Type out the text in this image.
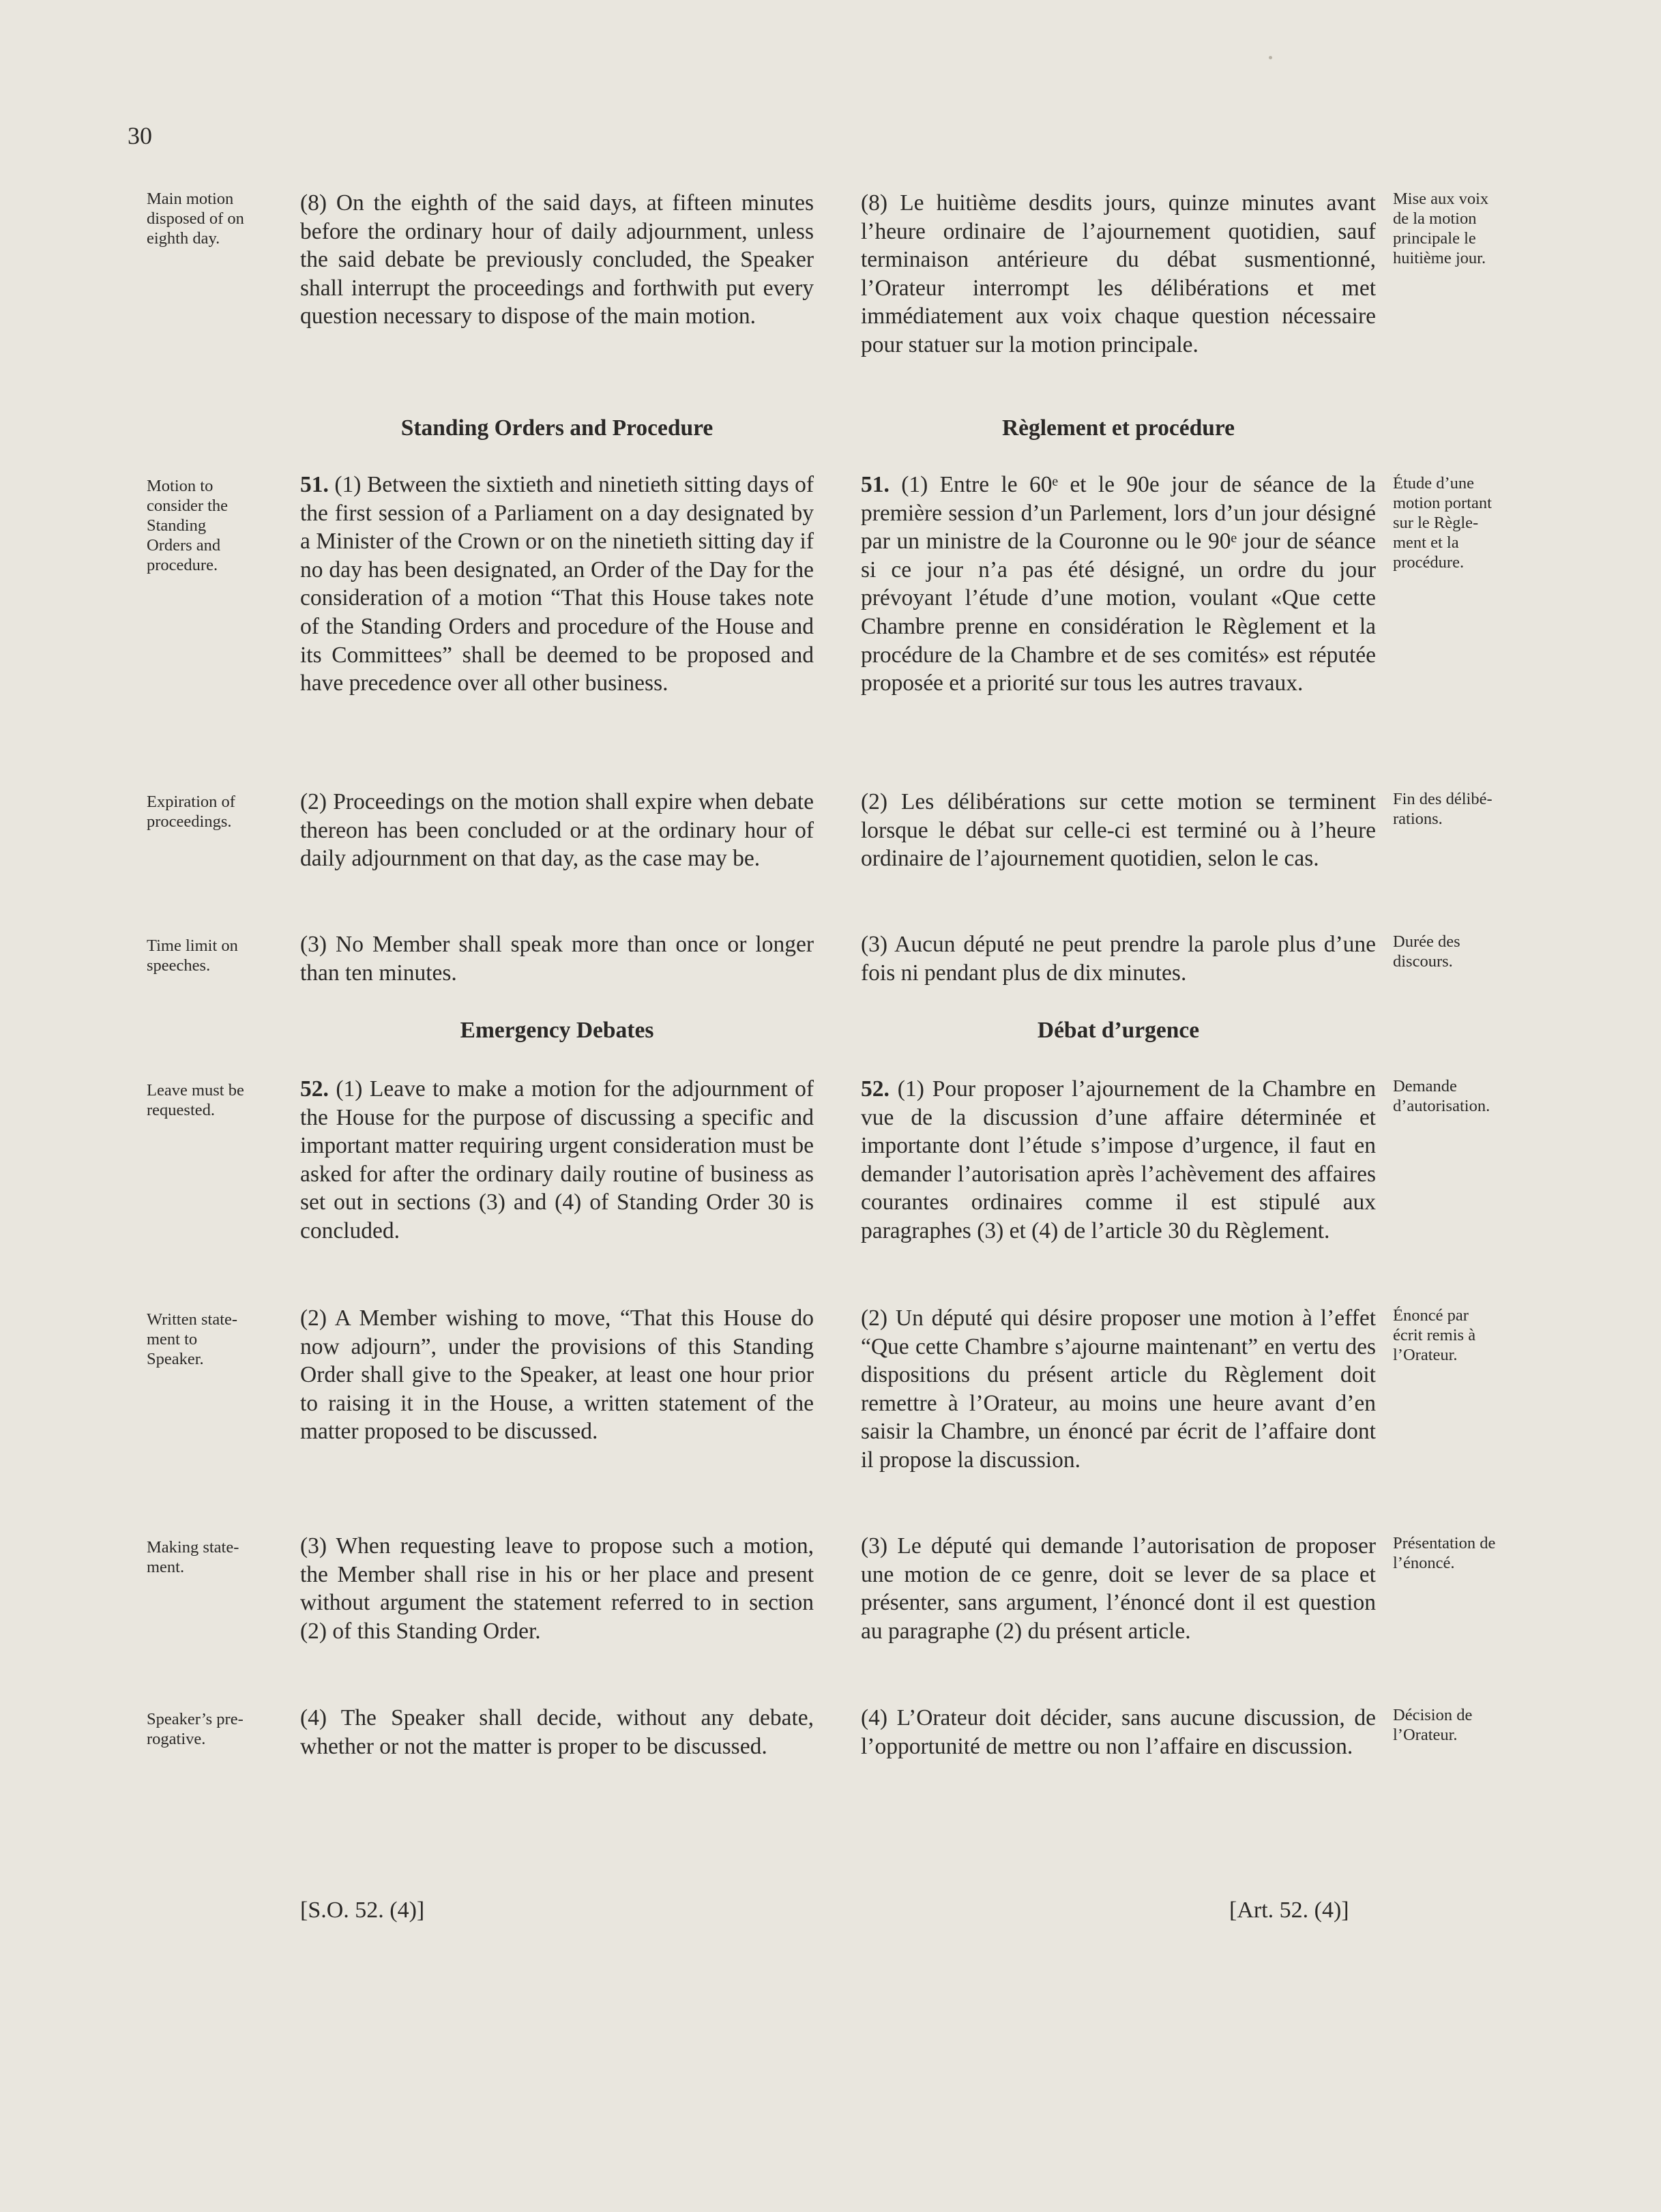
30

Main motion
disposed of on
eighth day.

Motion to
consider the
Standing
Orders and
procedure.

Expiration of
proceedings.

Time limit on
speeches.

Leave must be
requested.

Written state-
ment to
Speaker.

Making state-
ment.

Speaker’s pre-
rogative.

(8) On the eighth of the said days, at fifteen minutes before the ordinary hour of daily adjournment, unless the said debate be previously concluded, the Speaker shall interrupt the proceedings and forthwith put every question necessary to dispose of the main motion.

Standing Orders and Procedure

51. (1) Between the sixtieth and ninetieth sitting days of the first session of a Parliament on a day designated by a Minister of the Crown or on the ninetieth sitting day if no day has been designated, an Order of the Day for the consideration of a motion “That this House takes note of the Standing Orders and procedure of the House and its Committees” shall be deemed to be proposed and have precedence over all other business.

(2) Proceedings on the motion shall expire when debate thereon has been concluded or at the ordinary hour of daily adjournment on that day, as the case may be.

(3) No Member shall speak more than once or longer than ten minutes.

Emergency Debates

52. (1) Leave to make a motion for the adjournment of the House for the purpose of discussing a specific and important matter requiring urgent consideration must be asked for after the ordinary daily routine of business as set out in sections (3) and (4) of Standing Order 30 is concluded.

(2) A Member wishing to move, “That this House do now adjourn”, under the provisions of this Standing Order shall give to the Speaker, at least one hour prior to raising it in the House, a written statement of the matter proposed to be discussed.

(3) When requesting leave to propose such a motion, the Member shall rise in his or her place and present without argument the statement referred to in section (2) of this Standing Order.

(4) The Speaker shall decide, without any debate, whether or not the matter is proper to be discussed.

(8) Le huitième desdits jours, quinze minutes avant l’heure ordinaire de l’ajournement quotidien, sauf terminaison antérieure du débat susmentionné, l’Orateur interrompt les délibérations et met immédiatement aux voix chaque question nécessaire pour statuer sur la motion principale.

Règlement et procédure

51. (1) Entre le 60ᵉ et le 90e jour de séance de la première session d’un Parlement, lors d’un jour désigné par un ministre de la Couronne ou le 90ᵉ jour de séance si ce jour n’a pas été désigné, un ordre du jour prévoyant l’étude d’une motion, voulant «Que cette Chambre prenne en considération le Règlement et la procédure de la Chambre et de ses comités» est réputée proposée et a priorité sur tous les autres travaux.

(2) Les délibérations sur cette motion se terminent lorsque le débat sur celle-ci est terminé ou à l’heure ordinaire de l’ajournement quotidien, selon le cas.

(3) Aucun député ne peut prendre la parole plus d’une fois ni pendant plus de dix minutes.

Débat d’urgence

52. (1) Pour proposer l’ajournement de la Chambre en vue de la discussion d’une affaire déterminée et importante dont l’étude s’impose d’urgence, il faut en demander l’autorisation après l’achèvement des affaires courantes ordinaires comme il est stipulé aux paragraphes (3) et (4) de l’article 30 du Règlement.

(2) Un député qui désire proposer une motion à l’effet “Que cette Chambre s’ajourne maintenant” en vertu des dispositions du présent article du Règlement doit remettre à l’Orateur, au moins une heure avant d’en saisir la Chambre, un énoncé par écrit de l’affaire dont il propose la discussion.

(3) Le député qui demande l’autorisation de proposer une motion de ce genre, doit se lever de sa place et présenter, sans argument, l’énoncé dont il est question au paragraphe (2) du présent article.

(4) L’Orateur doit décider, sans aucune discussion, de l’opportunité de mettre ou non l’affaire en discussion.

Mise aux voix
de la motion
principale le
huitième jour.

Étude d’une
motion portant
sur le Règle-
ment et la
procédure.

Fin des délibé-
rations.

Durée des
discours.

Demande
d’autorisation.

Énoncé par
écrit remis à
l’Orateur.

Présentation de
l’énoncé.

Décision de
l’Orateur.

[S.O. 52. (4)]	[Art. 52. (4)]
